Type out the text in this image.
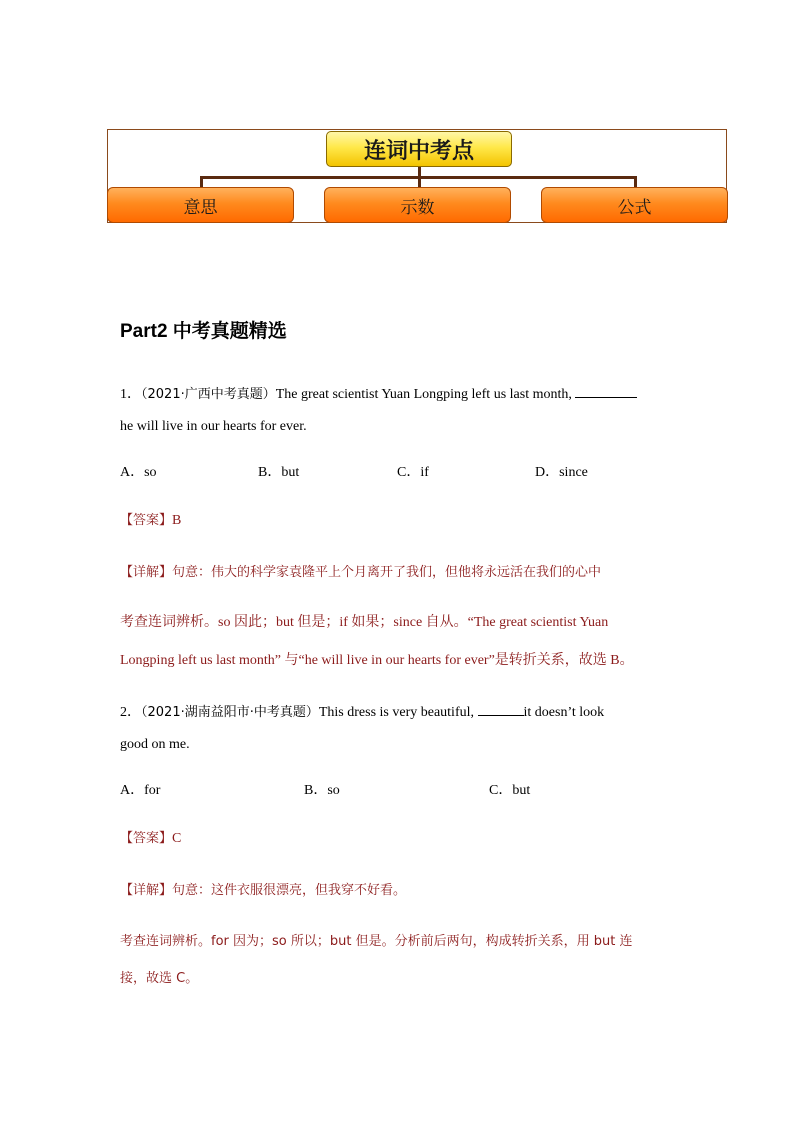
连词中考点
意思	示数	公式
Part2 中考真题精选
1．（2021·广西中考真题）The great scientist Yuan Longping left us last month,
he will live in our hearts for ever.
A．so	B．but	C．if	D．since
【答案】B
【详解】句意：伟大的科学家袁隆平上个月离开了我们，但他将永远活在我们的心中
考查连词辨析。so 因此；but 但是；if 如果；since 自从。“The great scientist Yuan
Longping left us last month” 与“he will live in our hearts for ever”是转折关系，故选 B。
2．（2021·湖南益阳市·中考真题）This dress is very beautiful,	it doesn’t look
good on me.
A．for	B．so	C．but
【答案】C
【详解】句意：这件衣服很漂亮，但我穿不好看。
考查连词辨析。for 因为；so 所以；but 但是。分析前后两句，构成转折关系，用 but 连
接，故选 C。
